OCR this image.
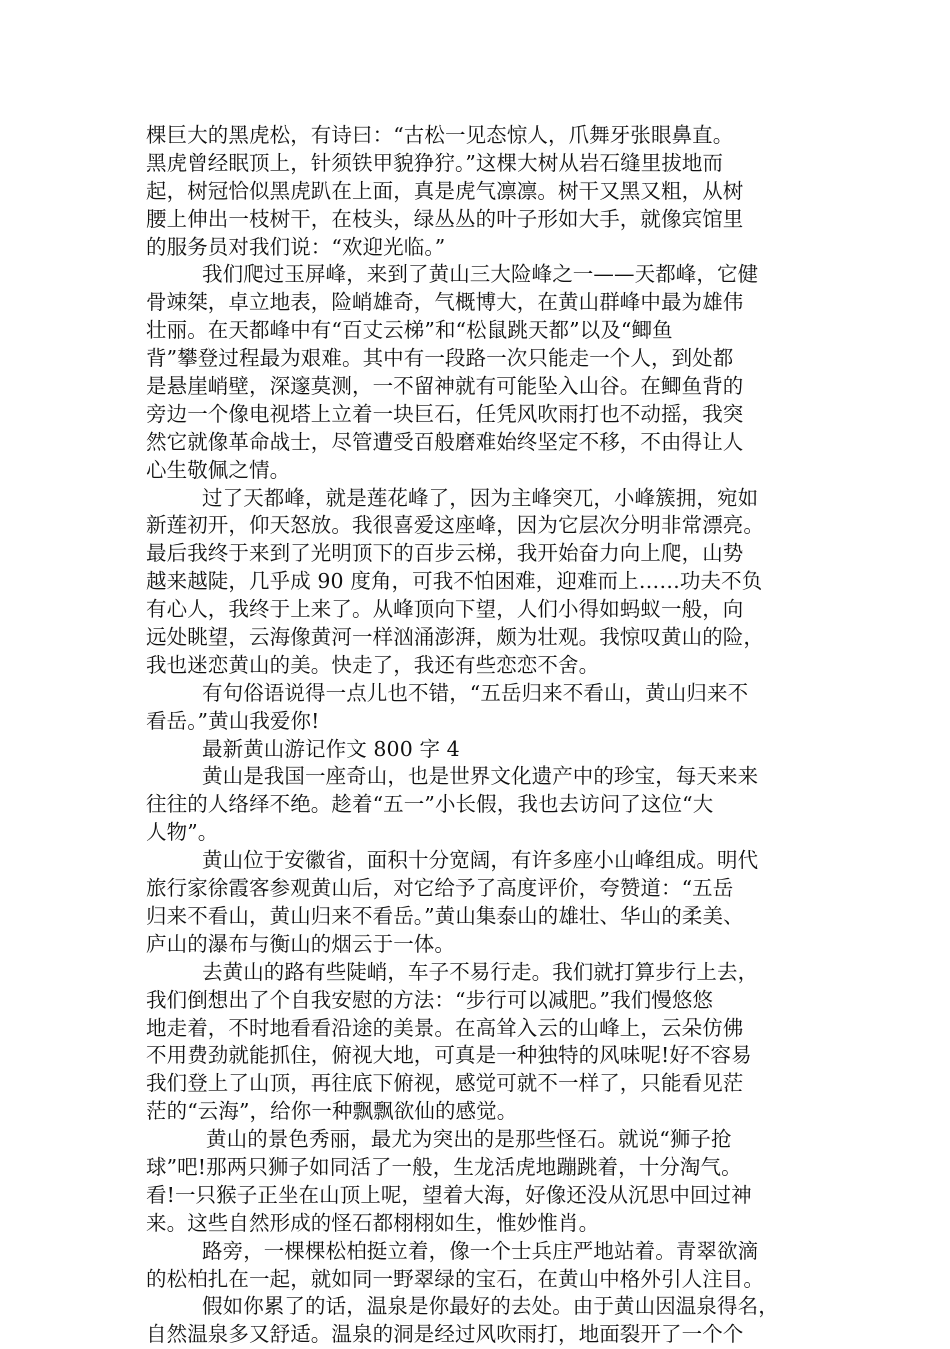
棵巨大的黑虎松，有诗曰：“古松一见态惊人，爪舞牙张眼鼻直。
黑虎曾经眠顶上，针须铁甲貌狰狞。”这棵大树从岩石缝里拔地而
起，树冠恰似黑虎趴在上面，真是虎气凛凛。树干又黑又粗，从树
腰上伸出一枝树干，在枝头，绿丛丛的叶子形如大手，就像宾馆里
的服务员对我们说：“欢迎光临。”
我们爬过玉屏峰，来到了黄山三大险峰之一——天都峰，它健
骨竦桀，卓立地表，险峭雄奇，气概博大，在黄山群峰中最为雄伟
壮丽。在天都峰中有“百丈云梯”和“松鼠跳天都”以及“鲫鱼
背”攀登过程最为艰难。其中有一段路一次只能走一个人，到处都
是悬崖峭壁，深邃莫测，一不留神就有可能坠入山谷。在鲫鱼背的
旁边一个像电视塔上立着一块巨石，任凭风吹雨打也不动摇，我突
然它就像革命战士，尽管遭受百般磨难始终坚定不移，不由得让人
心生敬佩之情。
过了天都峰，就是莲花峰了，因为主峰突兀，小峰簇拥，宛如
新莲初开，仰天怒放。我很喜爱这座峰，因为它层次分明非常漂亮。
最后我终于来到了光明顶下的百步云梯，我开始奋力向上爬，山势
越来越陡，几乎成 90 度角，可我不怕困难，迎难而上……功夫不负
有心人，我终于上来了。从峰顶向下望，人们小得如蚂蚁一般，向
远处眺望，云海像黄河一样汹涌澎湃，颇为壮观。我惊叹黄山的险，
我也迷恋黄山的美。快走了，我还有些恋恋不舍。
有句俗语说得一点儿也不错，“五岳归来不看山，黄山归来不
看岳。”黄山我爱你!
最新黄山游记作文 800 字 4
黄山是我国一座奇山，也是世界文化遗产中的珍宝，每天来来
往往的人络绎不绝。趁着“五一”小长假，我也去访问了这位“大
人物”。
黄山位于安徽省，面积十分宽阔，有许多座小山峰组成。明代
旅行家徐霞客参观黄山后，对它给予了高度评价，夸赞道：“五岳
归来不看山，黄山归来不看岳。”黄山集泰山的雄壮、华山的柔美、
庐山的瀑布与衡山的烟云于一体。
去黄山的路有些陡峭，车子不易行走。我们就打算步行上去，
我们倒想出了个自我安慰的方法：“步行可以减肥。”我们慢悠悠
地走着，不时地看看沿途的美景。在高耸入云的山峰上，云朵仿佛
不用费劲就能抓住，俯视大地，可真是一种独特的风味呢!好不容易
我们登上了山顶，再往底下俯视，感觉可就不一样了，只能看见茫
茫的“云海”，给你一种飘飘欲仙的感觉。
黄山的景色秀丽，最尤为突出的是那些怪石。就说“狮子抢
球”吧!那两只狮子如同活了一般，生龙活虎地蹦跳着，十分淘气。
看!一只猴子正坐在山顶上呢，望着大海，好像还没从沉思中回过神
来。这些自然形成的怪石都栩栩如生，惟妙惟肖。
路旁，一棵棵松柏挺立着，像一个士兵庄严地站着。青翠欲滴
的松柏扎在一起，就如同一野翠绿的宝石，在黄山中格外引人注目。
假如你累了的话，温泉是你最好的去处。由于黄山因温泉得名，
自然温泉多又舒适。温泉的洞是经过风吹雨打，地面裂开了一个个
